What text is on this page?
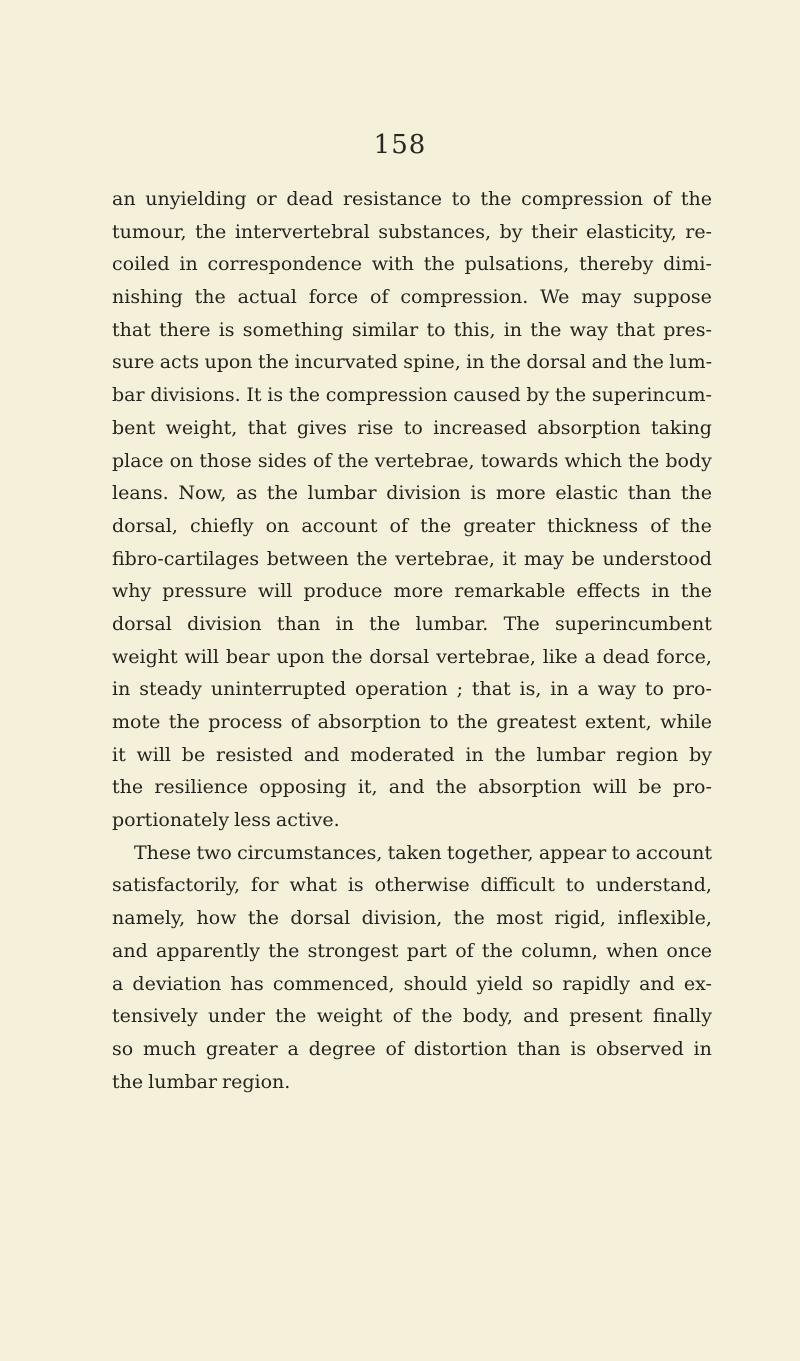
158
an unyielding or dead resistance to the compression of the
tumour, the intervertebral substances, by their elasticity, re-
coiled in correspondence with the pulsations, thereby dimi-
nishing the actual force of compression. We may suppose
that there is something similar to this, in the way that pres-
sure acts upon the incurvated spine, in the dorsal and the lum-
bar divisions. It is the compression caused by the superincum-
bent weight, that gives rise to increased absorption taking
place on those sides of the vertebrae, towards which the body
leans. Now, as the lumbar division is more elastic than the
dorsal, chiefly on account of the greater thickness of the
fibro-cartilages between the vertebrae, it may be understood
why pressure will produce more remarkable effects in the
dorsal division than in the lumbar. The superincumbent
weight will bear upon the dorsal vertebrae, like a dead force,
in steady uninterrupted operation ; that is, in a way to pro-
mote the process of absorption to the greatest extent, while
it will be resisted and moderated in the lumbar region by
the resilience opposing it, and the absorption will be pro-
portionately less active.
These two circumstances, taken together, appear to account
satisfactorily, for what is otherwise difficult to understand,
namely, how the dorsal division, the most rigid, inflexible,
and apparently the strongest part of the column, when once
a deviation has commenced, should yield so rapidly and ex-
tensively under the weight of the body, and present finally
so much greater a degree of distortion than is observed in
the lumbar region.
